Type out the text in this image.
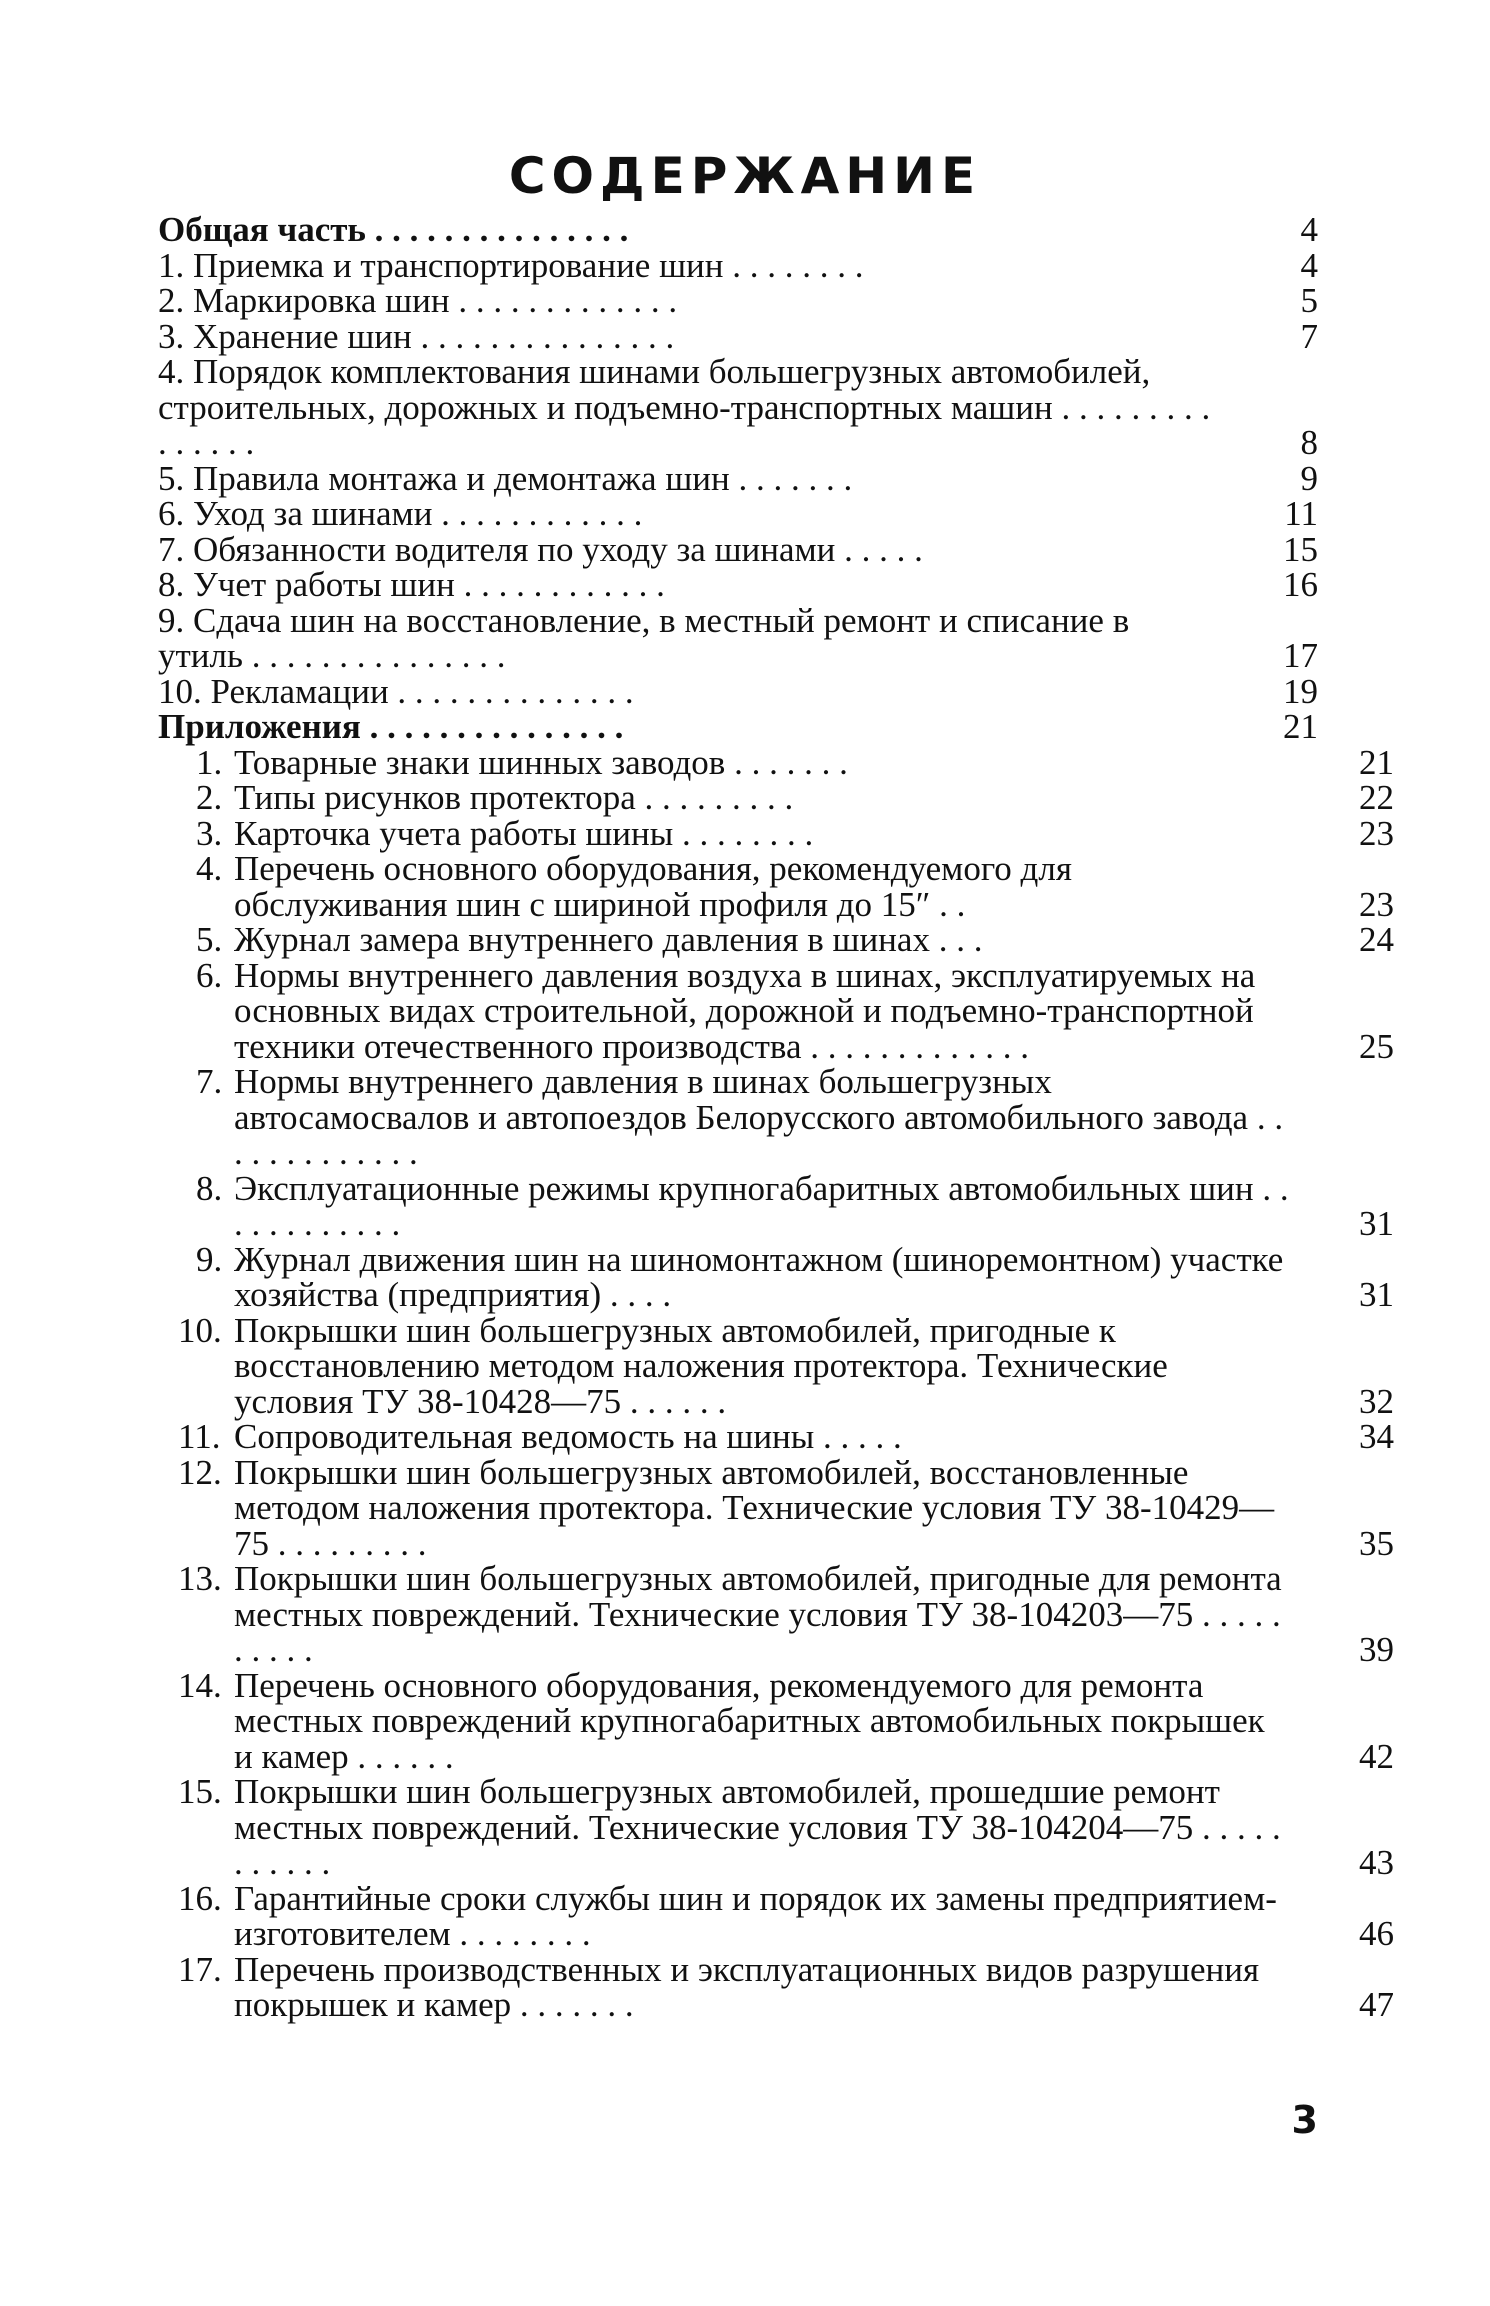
СОДЕРЖАНИЕ
Общая часть . . . . . . . . . . . . . . .	4
1. Приемка и транспортирование шин . . . . . . . .	4
2. Маркировка шин . . . . . . . . . . . . .	5
3. Хранение шин . . . . . . . . . . . . . . .	7
4. Порядок комплектования шинами большегрузных автомобилей, строительных, дорожных и подъемно-транспортных машин . . . . . . . . . . . . . . .	8
5. Правила монтажа и демонтажа шин . . . . . . .	9
6. Уход за шинами . . . . . . . . . . . .	11
7. Обязанности водителя по уходу за шинами . . . . .	15
8. Учет работы шин . . . . . . . . . . . .	16
9. Сдача шин на восстановление, в местный ремонт и списание в утиль . . . . . . . . . . . . . . .	17
10. Рекламации . . . . . . . . . . . . . .	19
Приложения . . . . . . . . . . . . . . .	21
1. Товарные знаки шинных заводов . . . . . . .	21
2. Типы рисунков протектора . . . . . . . . .	22
3. Карточка учета работы шины . . . . . . . .	23
4. Перечень основного оборудования, рекомендуемого для обслуживания шин с шириной профиля до 15″ . .	23
5. Журнал замера внутреннего давления в шинах . . .	24
6. Нормы внутреннего давления воздуха в шинах, эксплуатируемых на основных видах строительной, дорожной и подъемно-транспортной техники отечественного производства . . . . . . . . . . . . .	25
7. Нормы внутреннего давления в шинах большегрузных автосамосвалов и автопоездов Белорусского автомобильного завода . . . . . . . . . . . . .
8. Эксплуатационные режимы крупногабаритных автомобильных шин . . . . . . . . . . . .	31
9. Журнал движения шин на шиномонтажном (шиноремонтном) участке хозяйства (предприятия) . . . .	31
10. Покрышки шин большегрузных автомобилей, пригодные к восстановлению методом наложения протектора. Технические условия ТУ 38-10428—75 . . . . . .	32
11. Сопроводительная ведомость на шины . . . . .	34
12. Покрышки шин большегрузных автомобилей, восстановленные методом наложения протектора. Технические условия ТУ 38-10429—75 . . . . . . . . .	35
13. Покрышки шин большегрузных автомобилей, пригодные для ремонта местных повреждений. Технические условия ТУ 38-104203—75 . . . . . . . . . .	39
14. Перечень основного оборудования, рекомендуемого для ремонта местных повреждений крупногабаритных автомобильных покрышек и камер . . . . . .	42
15. Покрышки шин большегрузных автомобилей, прошедшие ремонт местных повреждений. Технические условия ТУ 38-104204—75 . . . . . . . . . . .	43
16. Гарантийные сроки службы шин и порядок их замены предприятием-изготовителем . . . . . . . .	46
17. Перечень производственных и эксплуатационных видов разрушения покрышек и камер . . . . . . .	47
3
